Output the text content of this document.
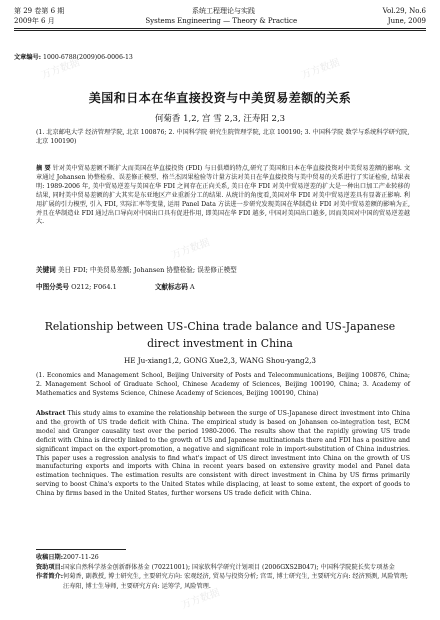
第 29 卷第 6 期	系统工程理论与实践	Vol.29, No.6
2009年 6 月	Systems Engineering — Theory & Practice	June, 2009
文章编号: 1000-6788(2009)06-0006-13
美国和日本在华直接投资与中美贸易差额的关系
何菊香 1,2, 宫 雪 2,3, 汪寿阳 2,3
(1. 北京邮电大学 经济管理学院, 北京 100876; 2. 中国科学院 研究生院管理学院, 北京 100190; 3. 中国科学院 数学与系统科学研究院, 北京 100190)
摘 要 针对美中贸易差额不断扩大而美国在华直接投资 (FDI) 与日俱增的特点,研究了美国和日本在华直接投资对中美贸易差额的影响. 文章通过 Johansen 协整检验、误差修正模型、格兰杰因果检验等计量方法对美日在华直接投资与美中贸易的关系进行了实证检验, 结果表明: 1989-2006 年, 美中贸易逆差与美国在华 FDI 之间存在正向关系, 美日在华 FDI 对美中贸易逆差的扩大是一种出口加工产业转移的结果, 同时美中贸易差额的扩大其实是东亚地区产业重新分工的结果. 从统计的角度看,美国对华 FDI 对美中贸易逆差具有显著正影响. 利用扩展的引力模型, 引入 FDI, 实际汇率等变量, 运用 Panel Data 方法进一步研究发现美国在华制造业 FDI 对美中贸易差额的影响为正, 并且在华制造业 FDI 通过出口导向对中国出口具有促进作用, 即美国在华 FDI 越多, 中国对美国出口越多, 因而美国对中国的贸易逆差越大.
关键词 美日 FDI; 中美贸易差额; Johansen 协整检验; 误差修正模型
中图分类号 O212; F064.1	文献标志码 A
Relationship between US-China trade balance and US-Japanese direct investment in China
HE Ju-xiang1,2, GONG Xue2,3, WANG Shou-yang2,3
(1. Economics and Management School, Beijing University of Posts and Telecommunications, Beijing 100876, China; 2. Management School of Graduate School, Chinese Academy of Sciences, Beijing 100190, China; 3. Academy of Mathematics and Systems Science, Chinese Academy of Sciences, Beijing 100190, China)
Abstract This study aims to examine the relationship between the surge of US-Japanese direct investment into China and the growth of US trade deficit with China. The empirical study is based on Johansen co-integration test, ECM model and Granger causality test over the period 1980-2006. The results show that the rapidly growing US trade deficit with China is directly linked to the growth of US and Japanese multinationals there and FDI has a positive and significant impact on the export-promotion, a negative and significant role in import-substitution of China industries. This paper uses a regression analysis to find what's impact of US direct investment into China on the growth of US manufacturing exports and imports with China in recent years based on extensive gravity model and Panel data estimation techniques. The estimation results are consistent with direct investment in China by US firms primarily serving to boost China's exports to the United States while displacing, at least to some extent, the export of goods to China by firms based in the United States, further worsens US trade deficit with China.
收稿日期: 2007-11-26
资助项目: 国家自然科学基金创新群体基金 (70221001); 国家软科学研究计划项目 (2006GXS2B047); 中国科学院院长奖专项基金
作者简介: 何菊香, 副教授, 博士研究生, 主要研究方向: 宏观经济, 贸易与投资分析; 宫雪, 博士研究生, 主要研究方向: 经济预测, 风险管理; 汪寿阳, 博士生导师, 主要研究方向: 运筹学, 风险管理.
万方数据	万方数据
万方数据
万方数据	万方数据
万方数据
